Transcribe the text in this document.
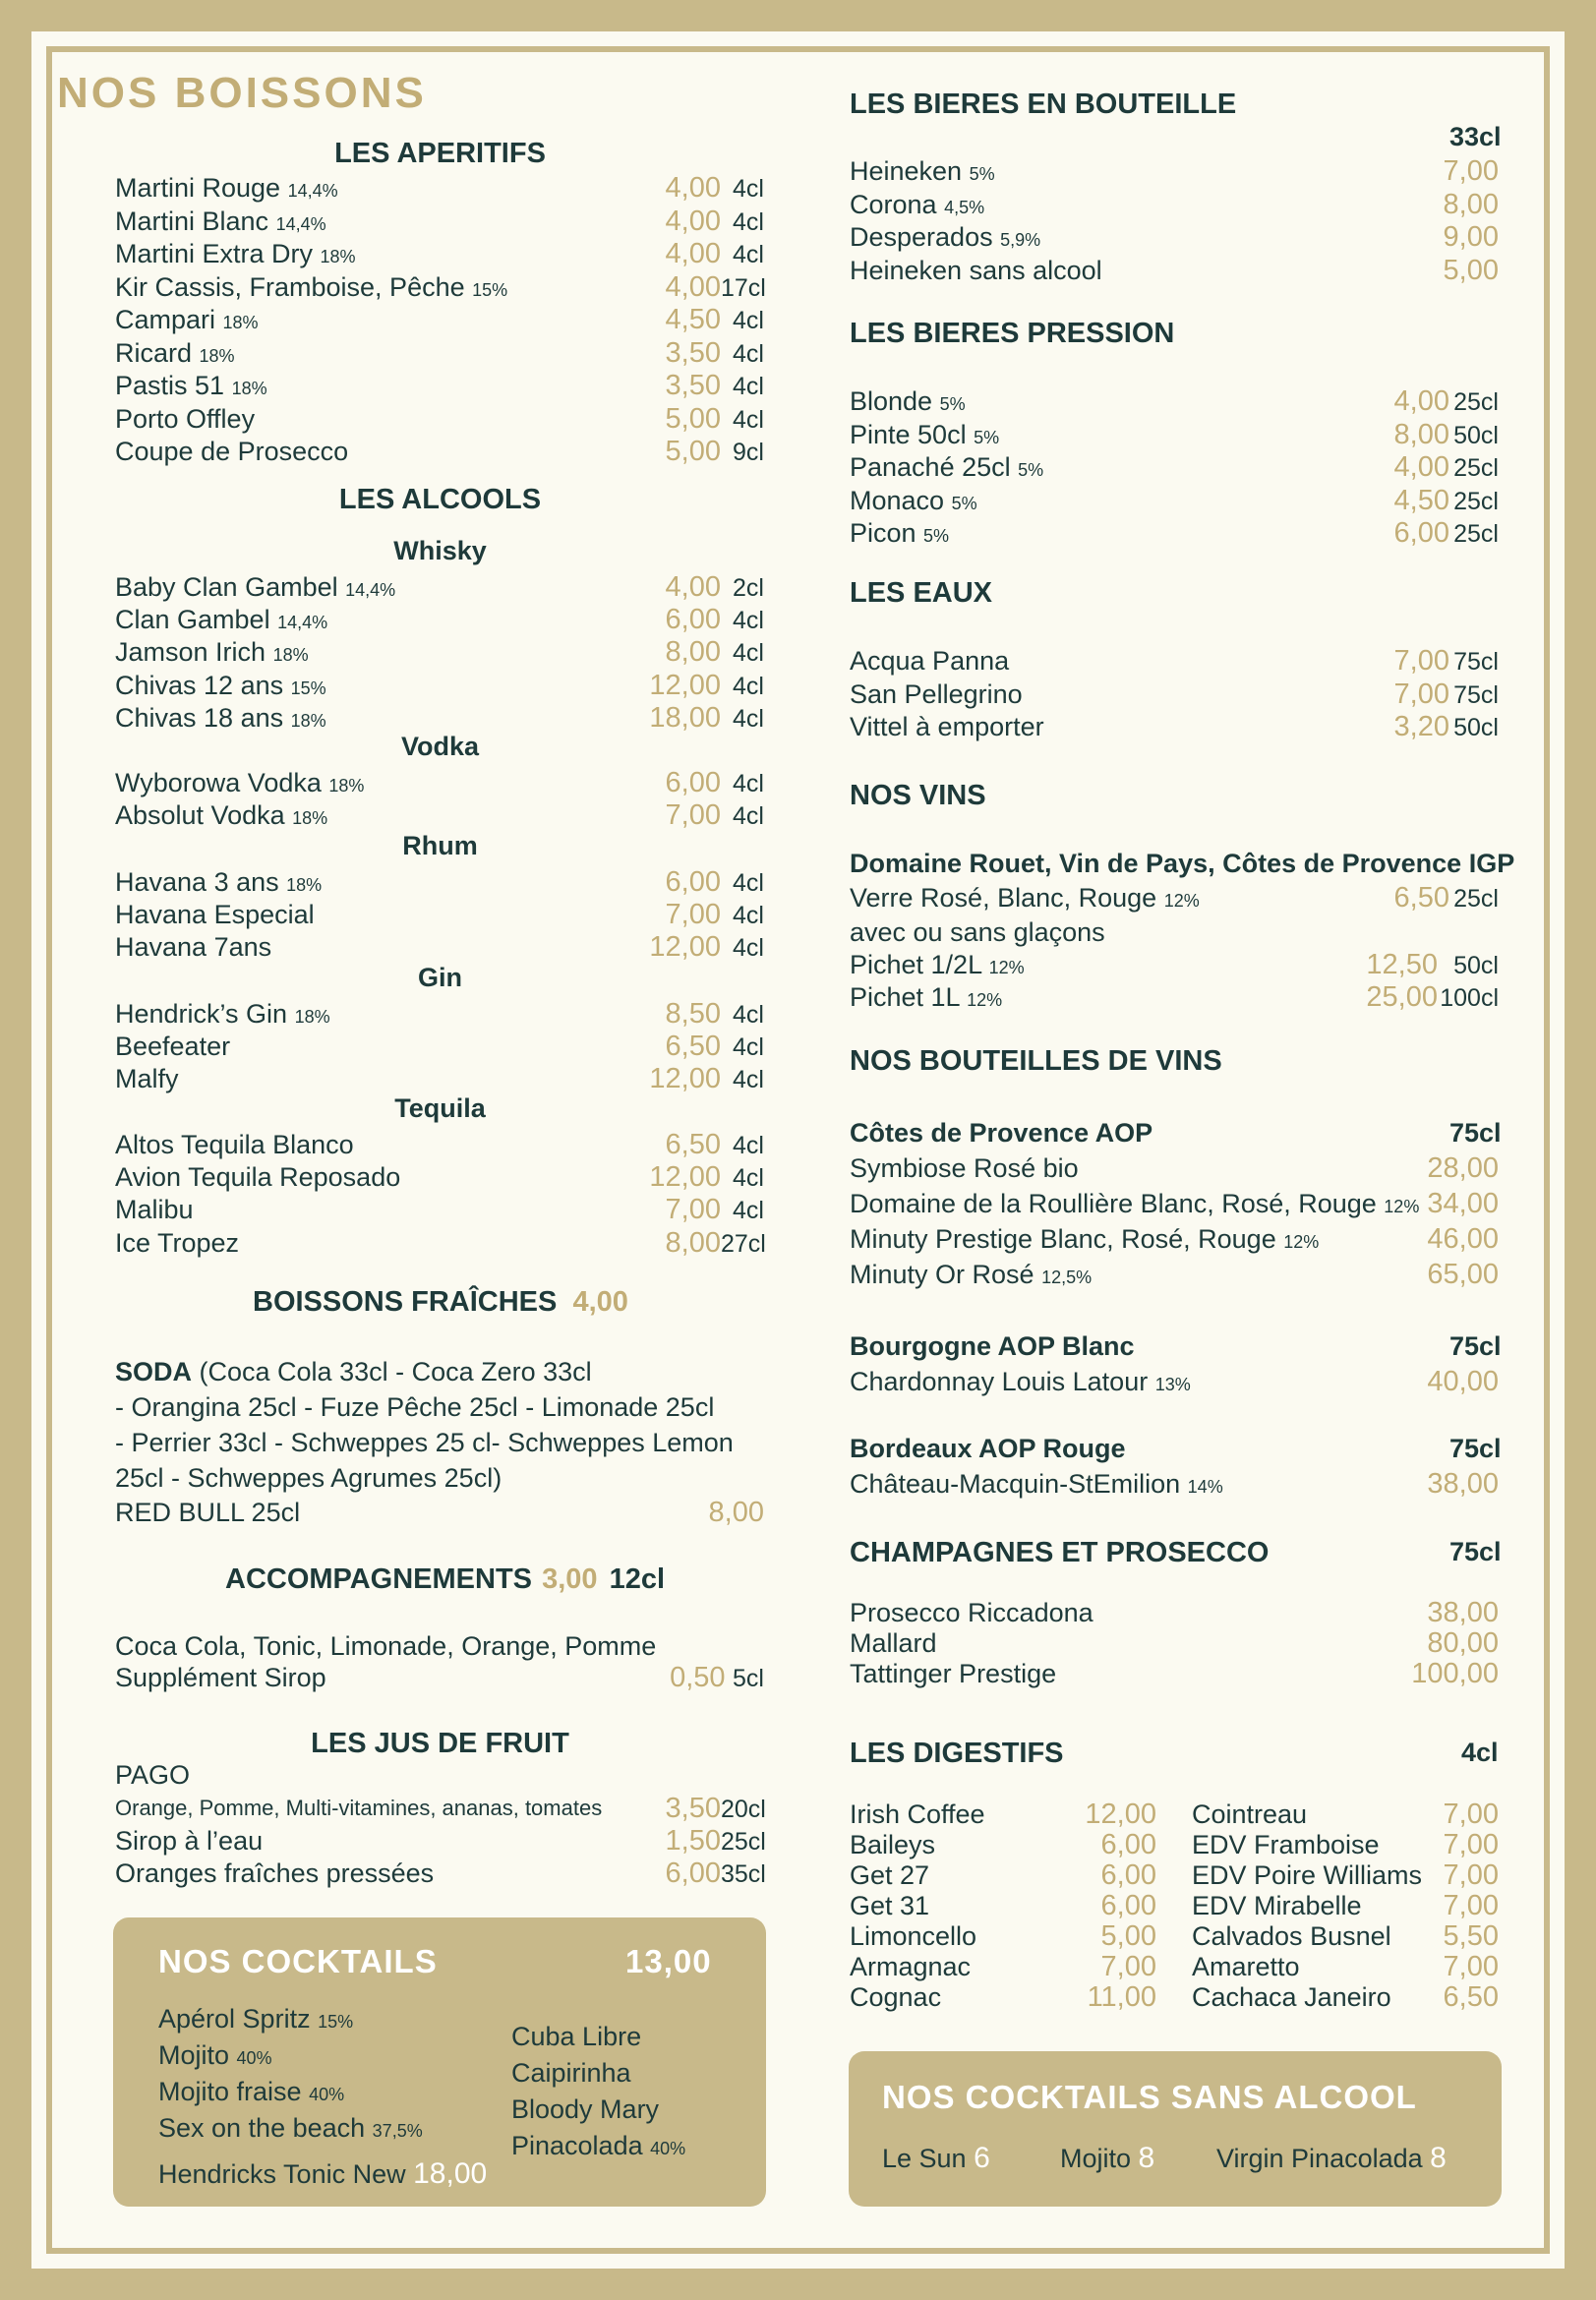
NOS BOISSONS
LES APERITIFS
LES ALCOOLS
BOISSONS FRAÎCHES 4,00
SODA (Coca Cola 33cl - Coca Zero 33cl
- Orangina 25cl - Fuze Pêche 25cl - Limonade 25cl
- Perrier 33cl - Schweppes 25 cl- Schweppes Lemon
25cl - Schweppes Agrumes 25cl)
RED BULL 25cl	8,00
ACCOMPAGNEMENTS 3,00 12cl
Coca Cola, Tonic, Limonade, Orange, Pomme
Supplément Sirop	0,50 5cl
LES JUS DE FRUIT
PAGO
NOS COCKTAILS	13,00
Hendricks Tonic New 18,00
Apérol Spritz 15%
Mojito 40%
Mojito fraise 40%
Sex on the beach 37,5%
Cuba Libre
Caipirinha
Bloody Mary
Pinacolada 40%
LES BIERES EN BOUTEILLE
33cl
LES BIERES PRESSION
LES EAUX
NOS VINS
Domaine Rouet, Vin de Pays, Côtes de Provence IGP
avec ou sans glaçons
NOS BOUTEILLES DE VINS
CHAMPAGNES ET PROSECCO	75cl
LES DIGESTIFS	4cl
NOS COCKTAILS SANS ALCOOL
Le Sun 6	Mojito 8 Virgin Pinacolada 8
Martini Rouge 14,4%	4,00 4cl
Martini Blanc 14,4%	4,00 4cl
Martini Extra Dry 18%	4,00 4cl
Kir Cassis, Framboise, Pêche 15%	4,0017cl
Campari 18%	4,50 4cl
Ricard 18%	3,50 4cl
Pastis 51 18%	3,50 4cl
Porto Offley	5,00 4cl
Coupe de Prosecco	5,00 9cl
Whisky
Baby Clan Gambel 14,4%	4,00 2cl
Clan Gambel 14,4%	6,00 4cl
Jamson Irich 18%	8,00 4cl
Chivas 12 ans 15%	12,00 4cl
Chivas 18 ans 18%	18,00 4cl
Vodka
Wyborowa Vodka 18%	6,00 4cl
Absolut Vodka 18%	7,00 4cl
Rhum
Havana 3 ans 18%	6,00 4cl
Havana Especial	7,00 4cl
Havana 7ans	12,00 4cl
Gin
Hendrick’s Gin 18%	8,50 4cl
Beefeater	6,50 4cl
Malfy	12,00 4cl
Tequila
Altos Tequila Blanco	6,50 4cl
Avion Tequila Reposado	12,00 4cl
Malibu	7,00 4cl
Ice Tropez	8,0027cl
Orange, Pomme, Multi-vitamines, ananas, tomates 3,5020cl
Sirop à l’eau	1,5025cl
Oranges fraîches pressées	6,0035cl
Heineken 5%	7,00
Corona 4,5%	8,00
Desperados 5,9%	9,00
Heineken sans alcool	5,00
Blonde 5%	4,00 25cl
Pinte 50cl 5%	8,00 50cl
Panaché 25cl 5%	4,00 25cl
Monaco 5%	4,50 25cl
Picon 5%	6,00 25cl
Acqua Panna	7,00 75cl
San Pellegrino	7,00 75cl
Vittel à emporter	3,20 50cl
Verre Rosé, Blanc, Rouge 12%	6,50 25cl
Pichet 1/2L 12%	12,50 50cl
Pichet 1L 12%	25,00100cl
Côtes de Provence AOP	75cl
Symbiose Rosé bio	28,00
Domaine de la Roullière Blanc, Rosé, Rouge 12% 34,00
Minuty Prestige Blanc, Rosé, Rouge 12%	46,00
Minuty Or Rosé 12,5%	65,00
Bourgogne AOP Blanc	75cl
Chardonnay Louis Latour 13%	40,00
Bordeaux AOP Rouge	75cl
Château-Macquin-StEmilion 14%	38,00
Prosecco Riccadona	38,00
Mallard	80,00
Tattinger Prestige	100,00
Irish Coffee	12,00
Baileys	6,00
Get 27	6,00
Get 31	6,00
Limoncello	5,00
Armagnac	7,00
Cognac	11,00
Cointreau	7,00
EDV Framboise 7,00
EDV Poire Williams 7,00
EDV Mirabelle	7,00
Calvados Busnel 5,50
Amaretto	7,00
Cachaca Janeiro 6,50
